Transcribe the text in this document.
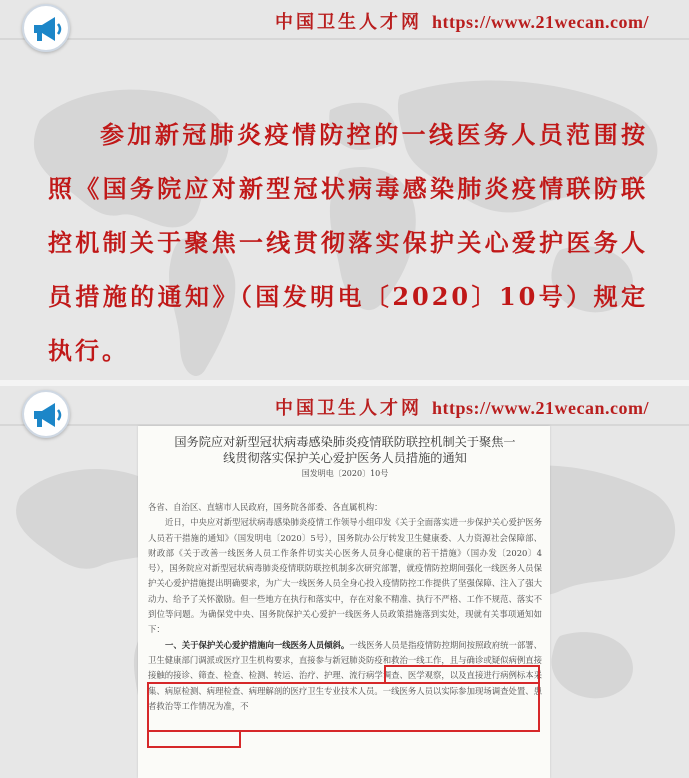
中国卫生人才网 https://www.21wecan.com/

参加新冠肺炎疫情防控的一线医务人员范围按照《国务院应对新型冠状病毒感染肺炎疫情联防联控机制关于聚焦一线贯彻落实保护关心爱护医务人员措施的通知》（国发明电〔2020〕10号）规定执行。

中国卫生人才网 https://www.21wecan.com/
国务院应对新型冠状病毒感染肺炎疫情联防联控机制关于聚焦一线贯彻落实保护关心爱护医务人员措施的通知
国发明电〔2020〕10号

各省、自治区、直辖市人民政府，国务院各部委、各直属机构：

近日，中央应对新型冠状病毒感染肺炎疫情工作领导小组印发《关于全面落实进一步保护关心爱护医务人员若干措施的通知》（国发明电〔2020〕5号），国务院办公厅转发卫生健康委、人力资源社会保障部、财政部《关于改善一线医务人员工作条件切实关心医务人员身心健康的若干措施》（国办发〔2020〕4号），国务院应对新型冠状病毒肺炎疫情联防联控机制多次研究部署，就疫情防控期间强化一线医务人员保护关心爱护措施提出明确要求，为广大一线医务人员全身心投入疫情防控工作提供了坚强保障、注入了强大动力、给予了关怀激励。但一些地方在执行和落实中，存在对象不精准、执行不严格、工作不规范、落实不到位等问题。为确保党中央、国务院保护关心爱护一线医务人员政策措施落到实处，现就有关事项通知如下：

一、关于保护关心爱护措施向一线医务人员倾斜。一线医务人员是指疫情防控期间按照政府统一部署、卫生健康部门调派或医疗卫生机构要求，直接参与新冠肺炎防疫和救治一线工作，且与确诊或疑似病例直接接触的接诊、筛查、检查、检测、转运、治疗、护理、流行病学调查、医学观察，以及直接进行病例标本采集、病原检测、病理检查、病理解剖的医疗卫生专业技术人员。一线医务人员以实际参加现场调查处置、患者救治等工作情况为准，不
